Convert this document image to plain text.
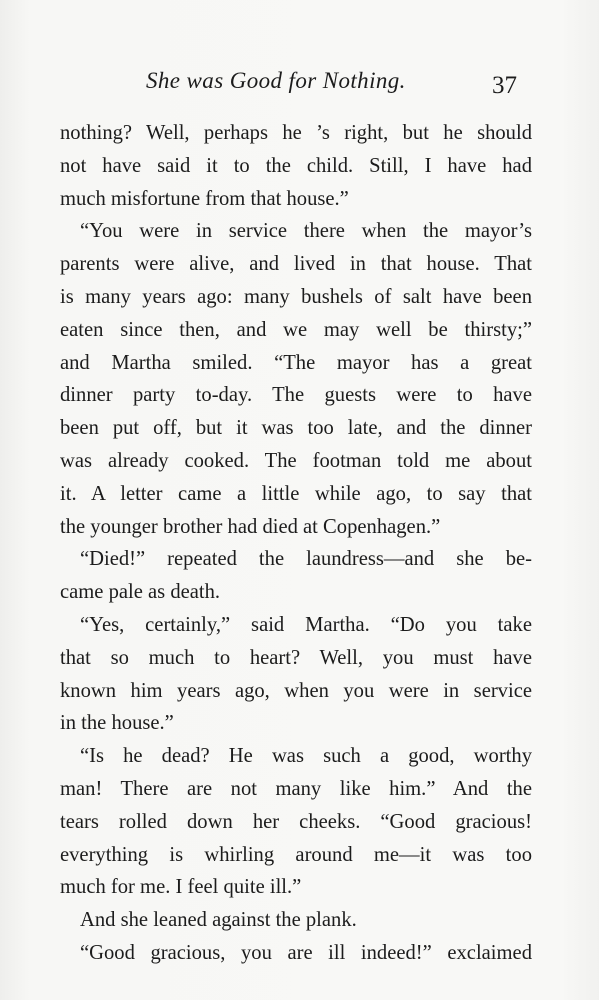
She was Good for Nothing.	37
nothing? Well, perhaps he ’s right, but he should
not have said it to the child. Still, I have had
much misfortune from that house.”
“You were in service there when the mayor’s
parents were alive, and lived in that house. That
is many years ago: many bushels of salt have been
eaten since then, and we may well be thirsty;”
and Martha smiled. “The mayor has a great
dinner party to-day. The guests were to have
been put off, but it was too late, and the dinner
was already cooked. The footman told me about
it. A letter came a little while ago, to say that
the younger brother had died at Copenhagen.”
“Died!” repeated the laundress—and she be-
came pale as death.
“Yes, certainly,” said Martha. “Do you take
that so much to heart? Well, you must have
known him years ago, when you were in service
in the house.”
“Is he dead? He was such a good, worthy
man! There are not many like him.” And the
tears rolled down her cheeks. “Good gracious!
everything is whirling around me—it was too
much for me. I feel quite ill.”
And she leaned against the plank.
“Good gracious, you are ill indeed!” exclaimed
